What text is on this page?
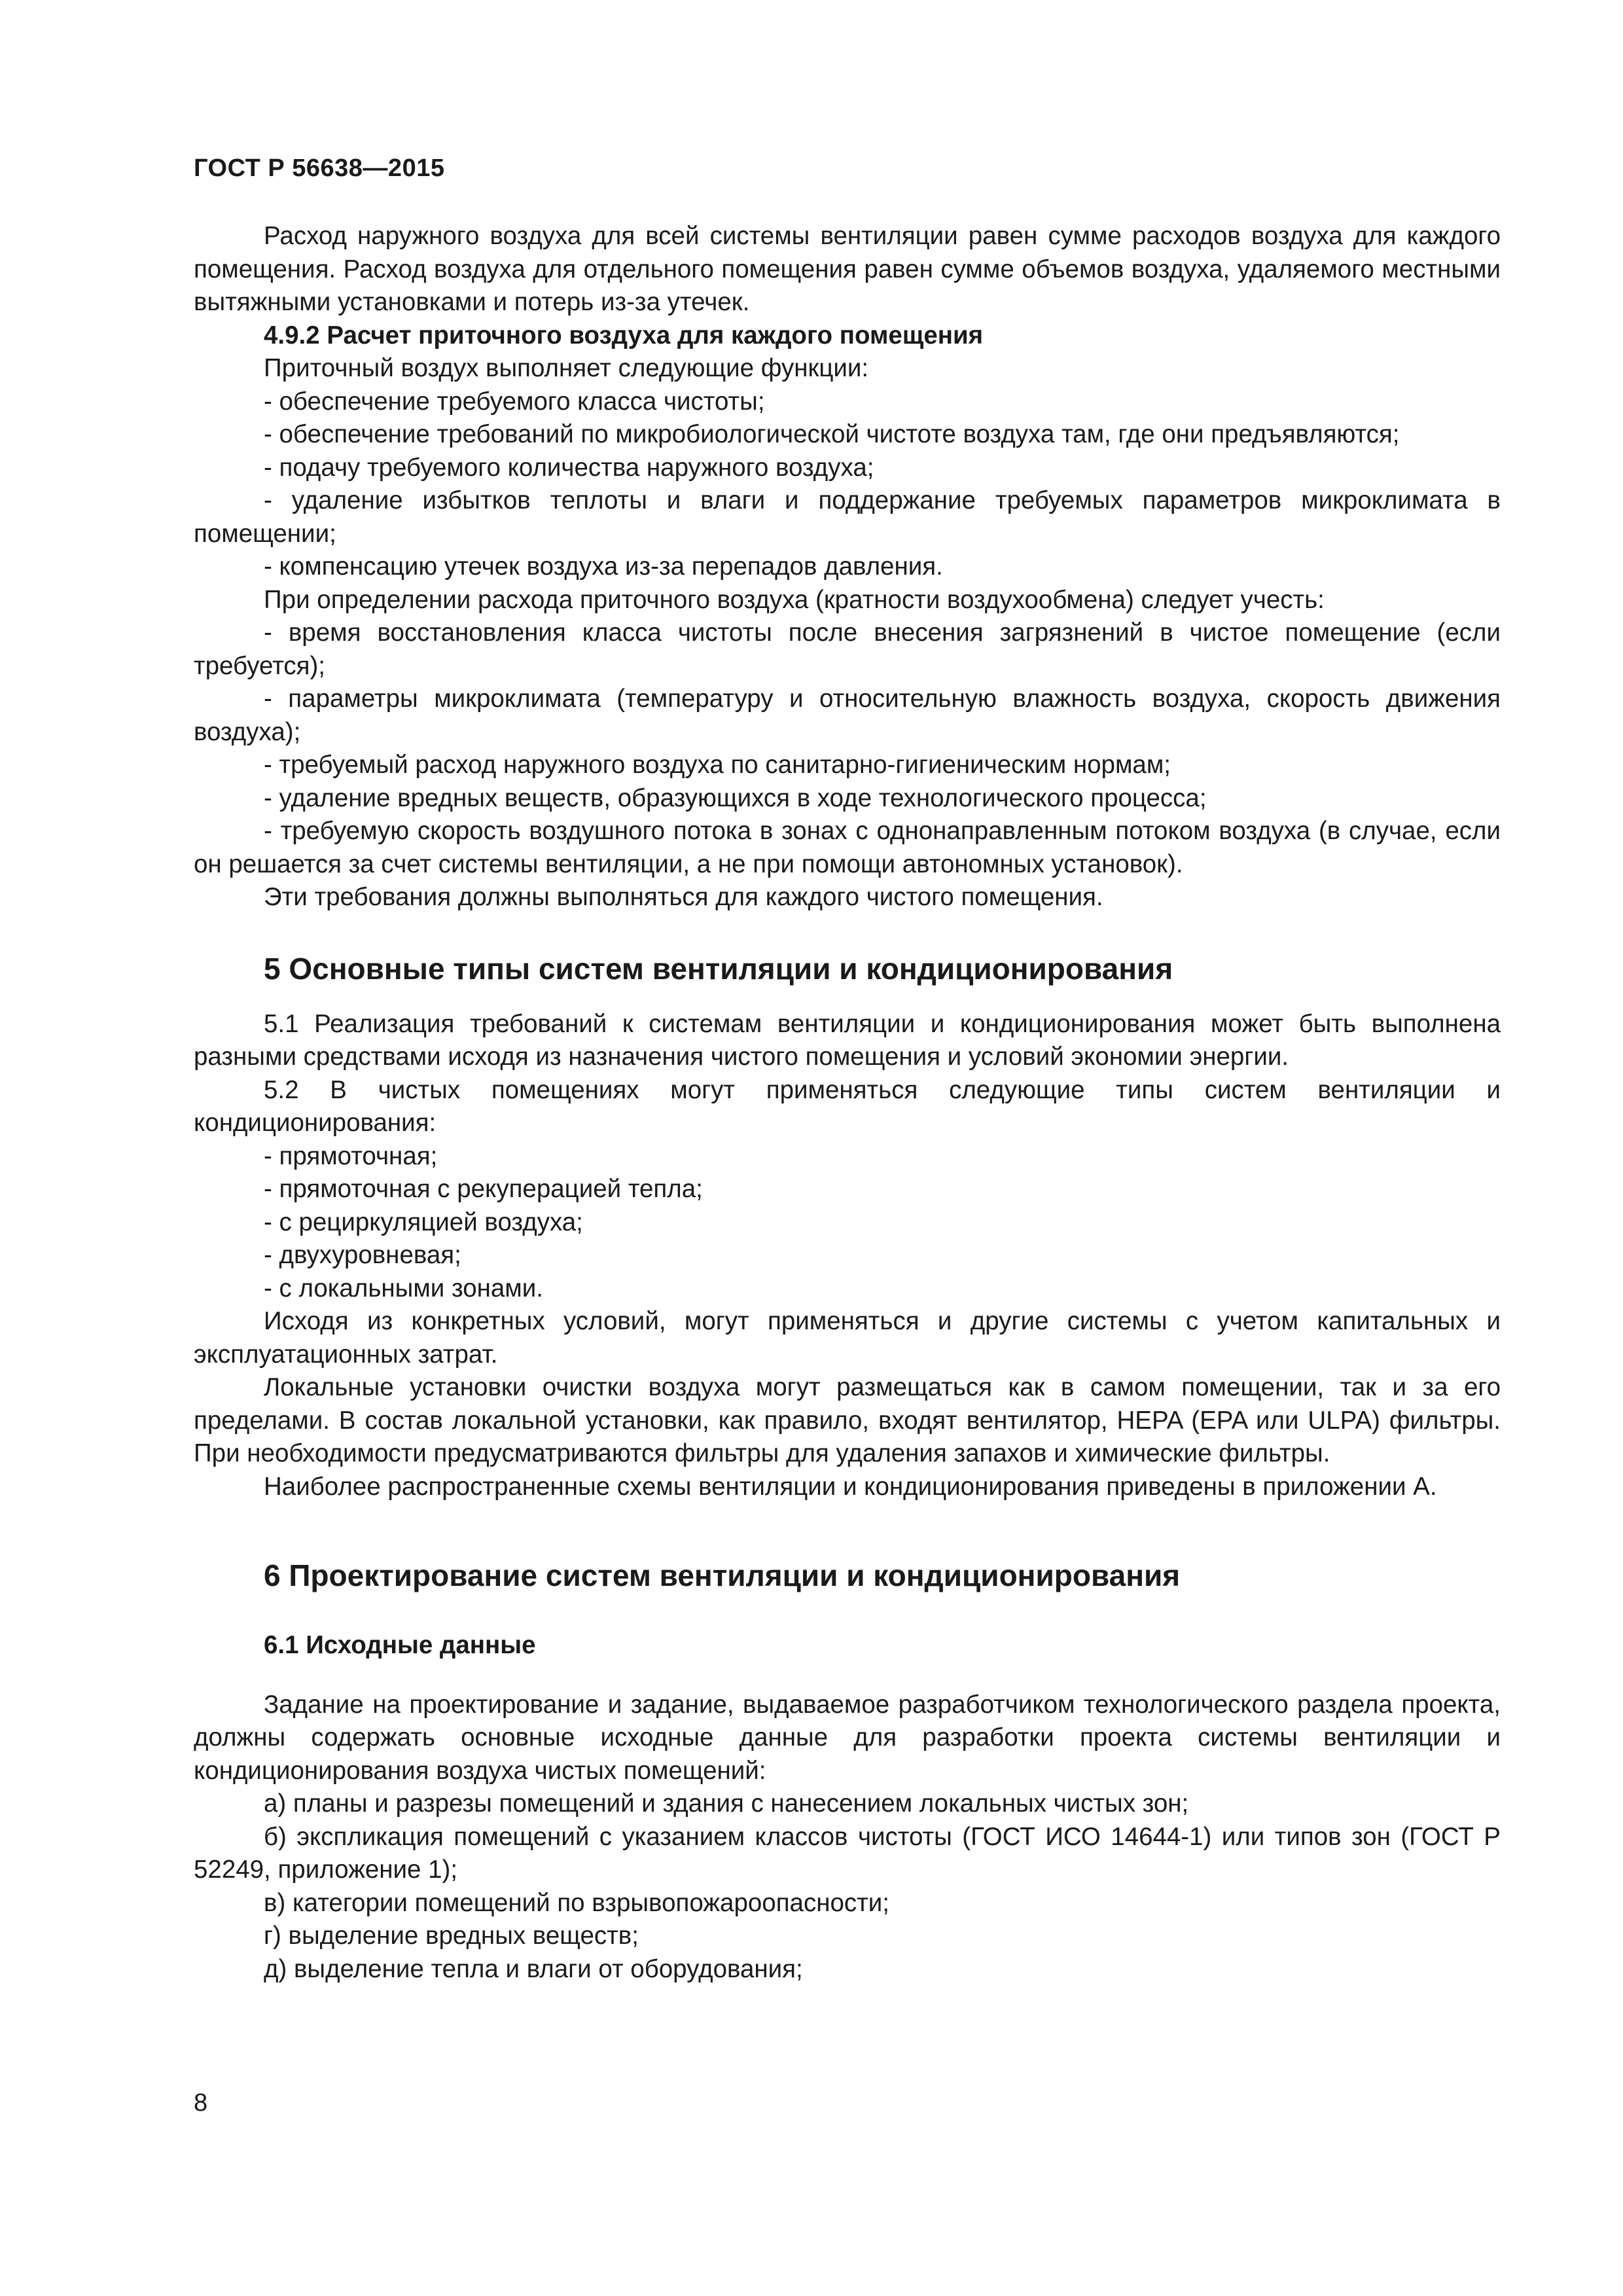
ГОСТ Р 56638—2015

Расход наружного воздуха для всей системы вентиляции равен сумме расходов воздуха для каждого помещения. Расход воздуха для отдельного помещения равен сумме объемов воздуха, удаляемого местными вытяжными установками и потерь из-за утечек.

4.9.2 Расчет приточного воздуха для каждого помещения

Приточный воздух выполняет следующие функции:

- обеспечение требуемого класса чистоты;

- обеспечение требований по микробиологической чистоте воздуха там, где они предъявляются;

- подачу требуемого количества наружного воздуха;

- удаление избытков теплоты и влаги и поддержание требуемых параметров микроклимата в помещении;

- компенсацию утечек воздуха из-за перепадов давления.

При определении расхода приточного воздуха (кратности воздухообмена) следует учесть:

- время восстановления класса чистоты после внесения загрязнений в чистое помещение (если требуется);

- параметры микроклимата (температуру и относительную влажность воздуха, скорость движения воздуха);

- требуемый расход наружного воздуха по санитарно-гигиеническим нормам;

- удаление вредных веществ, образующихся в ходе технологического процесса;

- требуемую скорость воздушного потока в зонах с однонаправленным потоком воздуха (в случае, если он решается за счет системы вентиляции, а не при помощи автономных установок).

Эти требования должны выполняться для каждого чистого помещения.

5 Основные типы систем вентиляции и кондиционирования

5.1 Реализация требований к системам вентиляции и кондиционирования может быть выполнена разными средствами исходя из назначения чистого помещения и условий экономии энергии.

5.2 В чистых помещениях могут применяться следующие типы систем вентиляции и кондиционирования:

- прямоточная;

- прямоточная с рекуперацией тепла;

- с рециркуляцией воздуха;

- двухуровневая;

- с локальными зонами.

Исходя из конкретных условий, могут применяться и другие системы с учетом капитальных и эксплуатационных затрат.

Локальные установки очистки воздуха могут размещаться как в самом помещении, так и за его пределами. В состав локальной установки, как правило, входят вентилятор, HEPA (EPA или ULPA) фильтры. При необходимости предусматриваются фильтры для удаления запахов и химические фильтры.

Наиболее распространенные схемы вентиляции и кондиционирования приведены в приложении А.

6 Проектирование систем вентиляции и кондиционирования

6.1 Исходные данные

Задание на проектирование и задание, выдаваемое разработчиком технологического раздела проекта, должны содержать основные исходные данные для разработки проекта системы вентиляции и кондиционирования воздуха чистых помещений:

а) планы и разрезы помещений и здания с нанесением локальных чистых зон;

б) экспликация помещений с указанием классов чистоты (ГОСТ ИСО 14644-1) или типов зон (ГОСТ Р 52249, приложение 1);

в) категории помещений по взрывопожароопасности;

г) выделение вредных веществ;

д) выделение тепла и влаги от оборудования;

8
